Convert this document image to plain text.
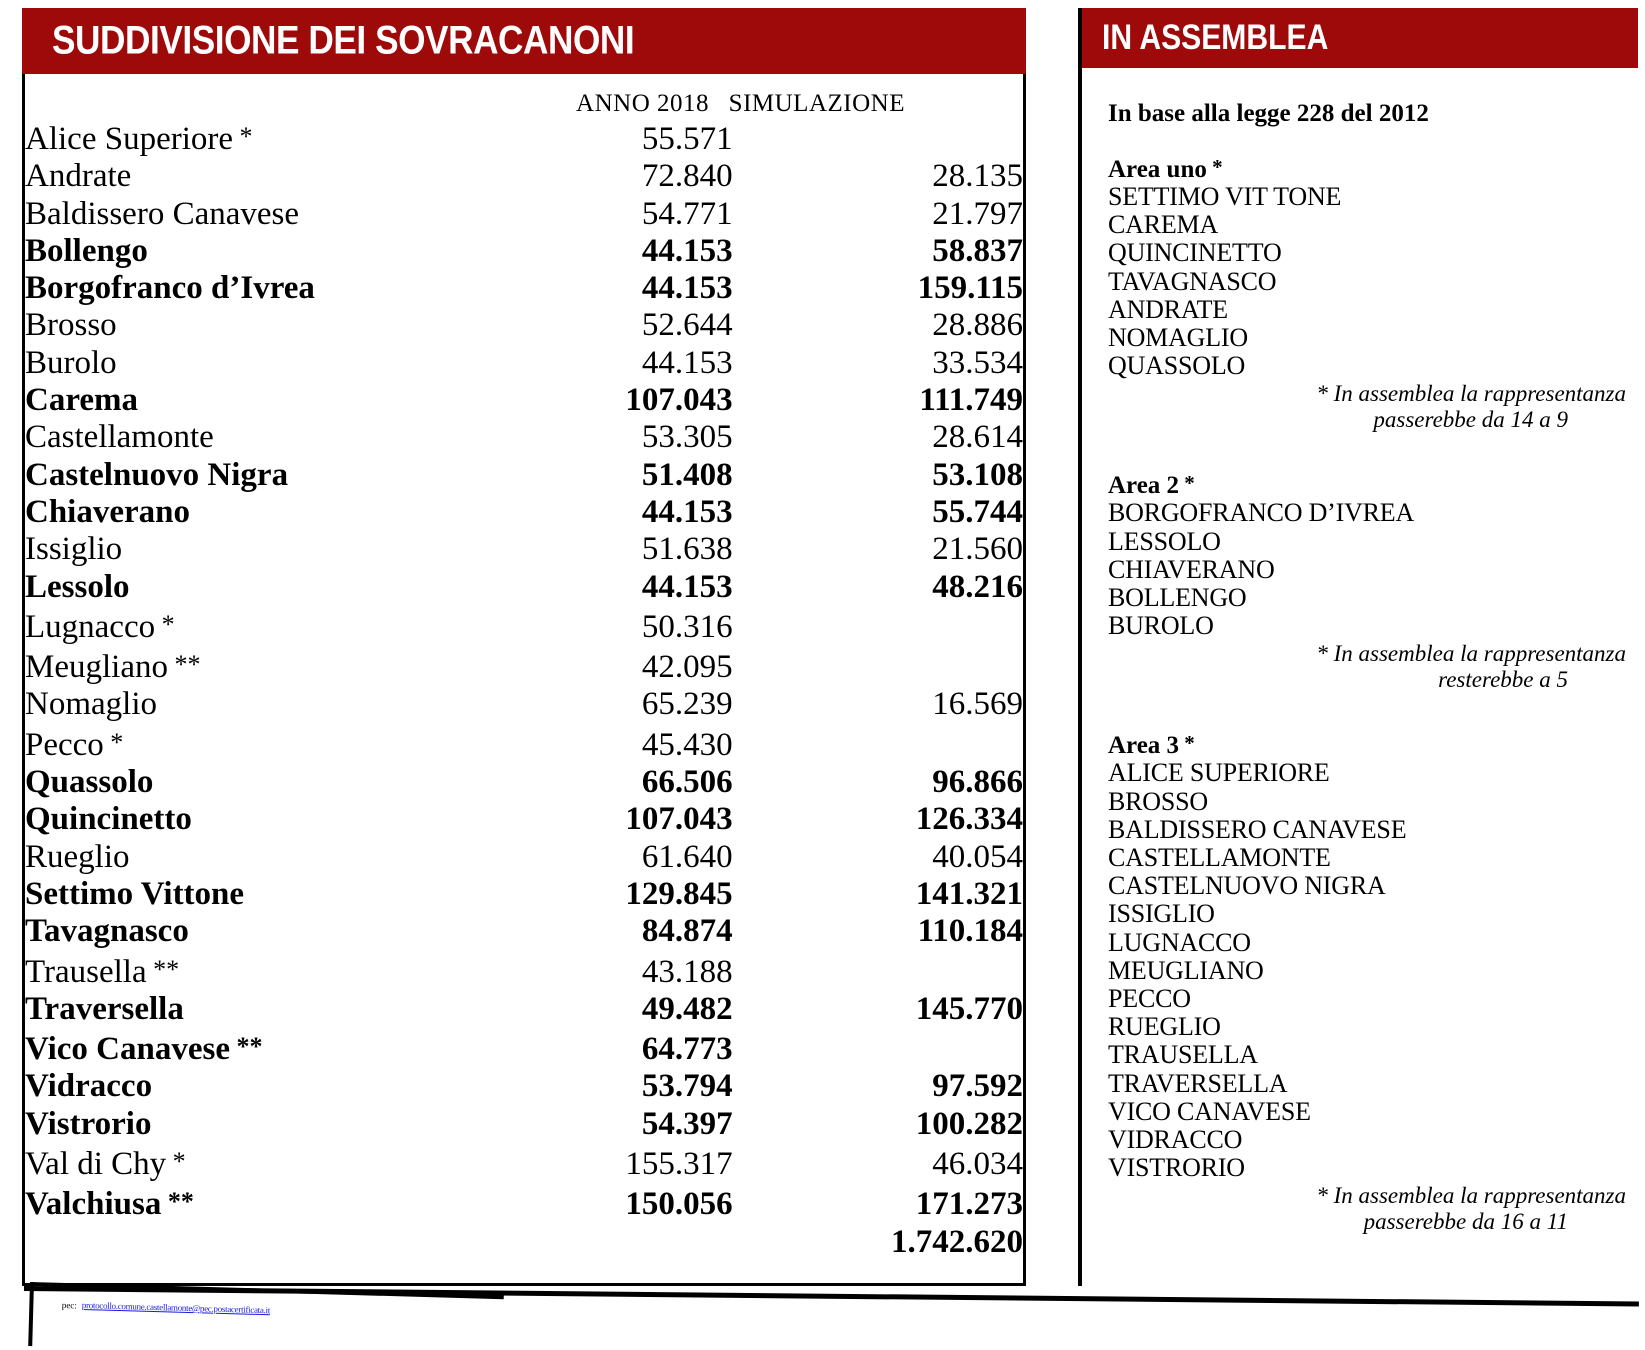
ANNO 2018 SIMULAZIONE
Alice Superiore *	55.571		
Andrate	72.840		28.135
Baldissero Canavese	54.771		21.797
Bollengo	44.153		58.837
Borgofranco d’Ivrea	44.153		159.115
Brosso	52.644		28.886
Burolo	44.153		33.534
Carema	107.043		111.749
Castellamonte	53.305		28.614
Castelnuovo Nigra	51.408		53.108
Chiaverano	44.153		55.744
Issiglio	51.638		21.560
Lessolo	44.153		48.216
Lugnacco *	50.316		
Meugliano **	42.095		
Nomaglio	65.239		16.569
Pecco *	45.430		
Quassolo	66.506		96.866
Quincinetto	107.043		126.334
Rueglio	61.640		40.054
Settimo Vittone	129.845		141.321
Tavagnasco	84.874		110.184
Trausella **	43.188		
Traversella	49.482		145.770
Vico Canavese **	64.773		
Vidracco	53.794		97.592
Vistrorio	54.397		100.282
Val di Chy *	155.317		46.034
Valchiusa **	150.056		171.273
			1.742.620
SUDDIVISIONE DEI SOVRACANONI
In base alla legge 228 del 2012
Area uno *
SETTIMO VIT TONE
CAREMA
QUINCINETTO
TAVAGNASCO
ANDRATE
NOMAGLIO
QUASSOLO
* In assemblea la rappresentanza
passerebbe da 14 a 9
Area 2 *
BORGOFRANCO D’IVREA
LESSOLO
CHIAVERANO
BOLLENGO
BUROLO
* In assemblea la rappresentanza
resterebbe a 5
Area 3 *
ALICE SUPERIORE
BROSSO
BALDISSERO CANAVESE
CASTELLAMONTE
CASTELNUOVO NIGRA
ISSIGLIO
LUGNACCO
MEUGLIANO
PECCO
RUEGLIO
TRAUSELLA
TRAVERSELLA
VICO CANAVESE
VIDRACCO
VISTRORIO
* In assemblea la rappresentanza
passerebbe da 16 a 11
IN ASSEMBLEA
pec: protocollo.comune.castellamonte@pec.postacertificata.it
